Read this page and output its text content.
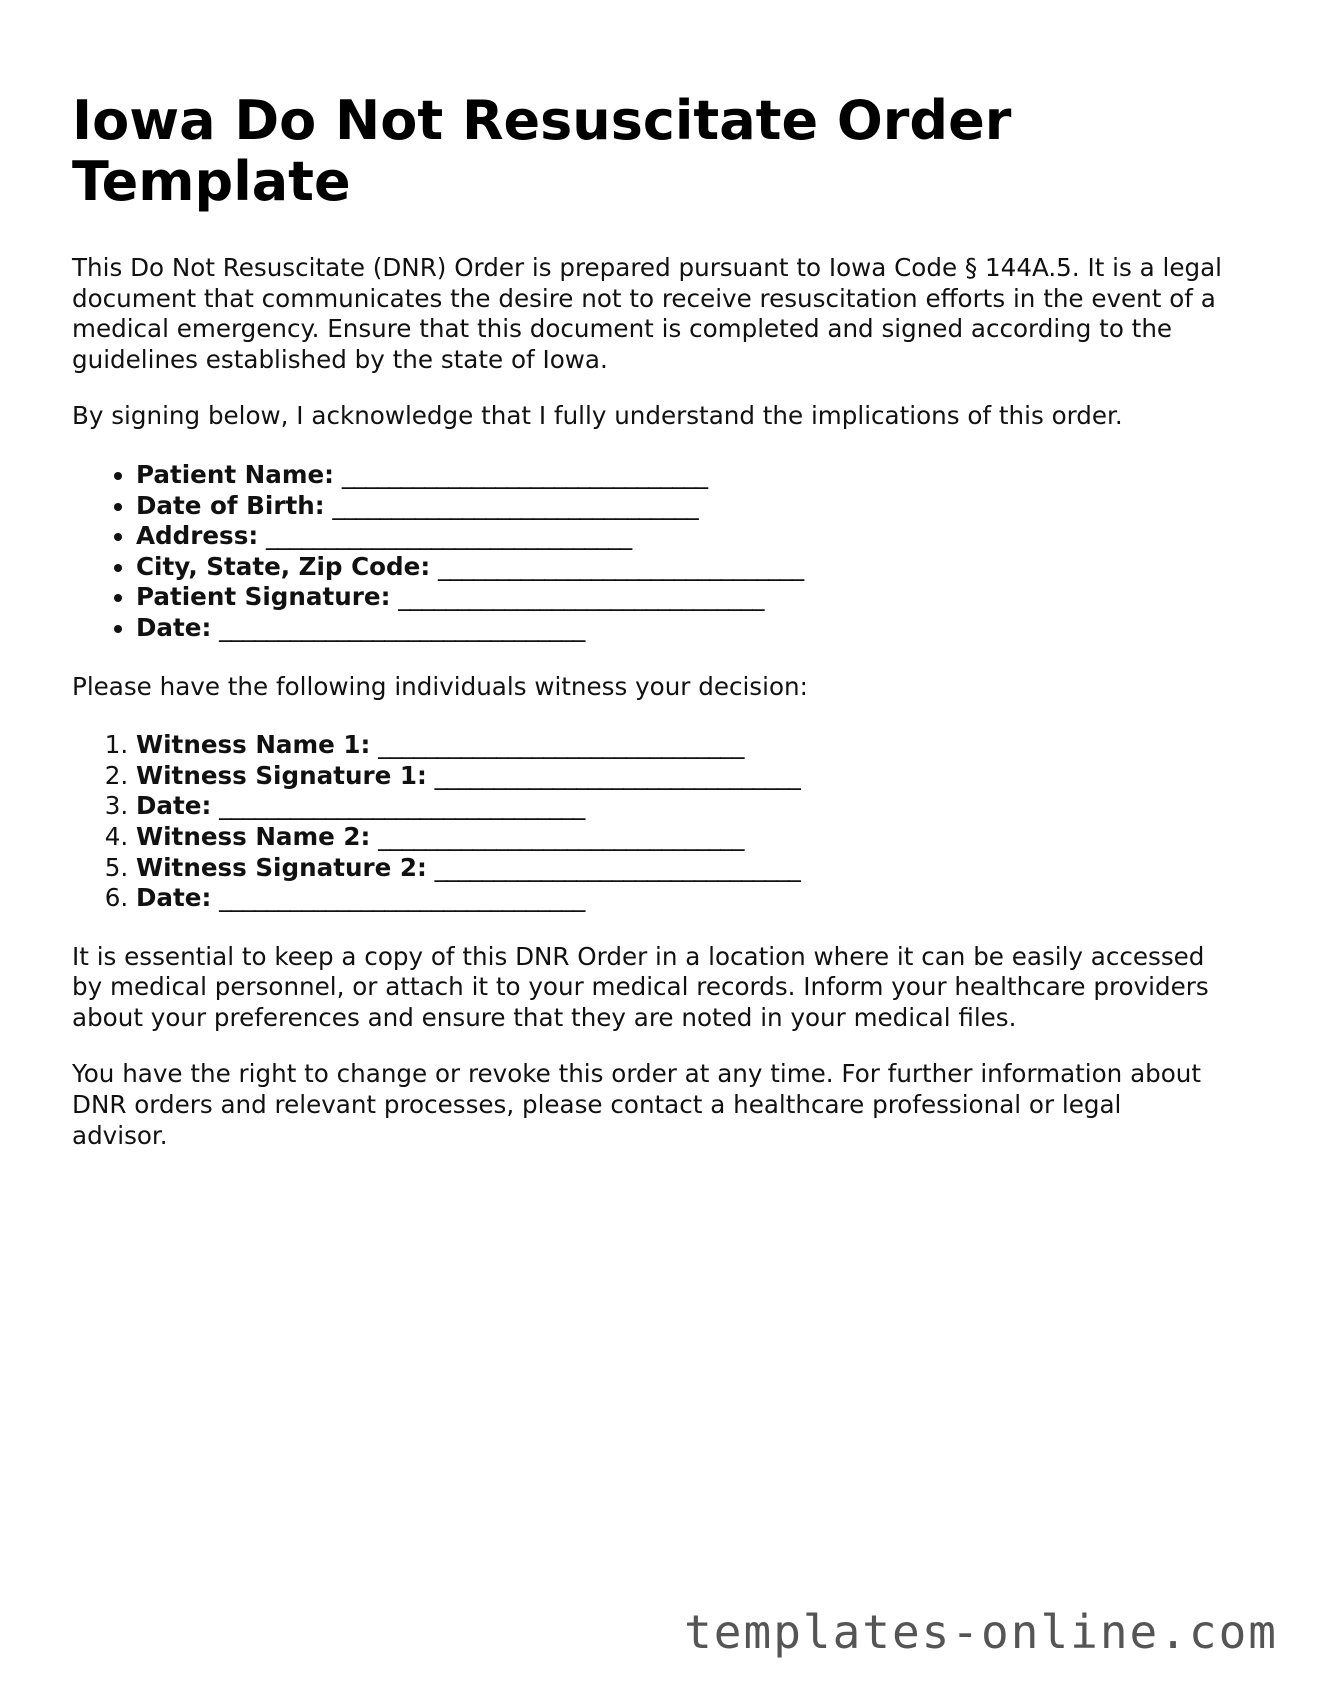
Iowa Do Not Resuscitate Order Template

This Do Not Resuscitate (DNR) Order is prepared pursuant to Iowa Code § 144A.5. It is a legal document that communicates the desire not to receive resuscitation efforts in the event of a medical emergency. Ensure that this document is completed and signed according to the guidelines established by the state of Iowa.

By signing below, I acknowledge that I fully understand the implications of this order.

• Patient Name: _______________________________
• Date of Birth: _______________________________
• Address: _______________________________
• City, State, Zip Code: _______________________________
• Patient Signature: _______________________________
• Date: _______________________________

Please have the following individuals witness your decision:

1. Witness Name 1: _______________________________
2. Witness Signature 1: _______________________________
3. Date: _______________________________
4. Witness Name 2: _______________________________
5. Witness Signature 2: _______________________________
6. Date: _______________________________

It is essential to keep a copy of this DNR Order in a location where it can be easily accessed by medical personnel, or attach it to your medical records. Inform your healthcare providers about your preferences and ensure that they are noted in your medical files.

You have the right to change or revoke this order at any time. For further information about DNR orders and relevant processes, please contact a healthcare professional or legal advisor.

templates-online.com
